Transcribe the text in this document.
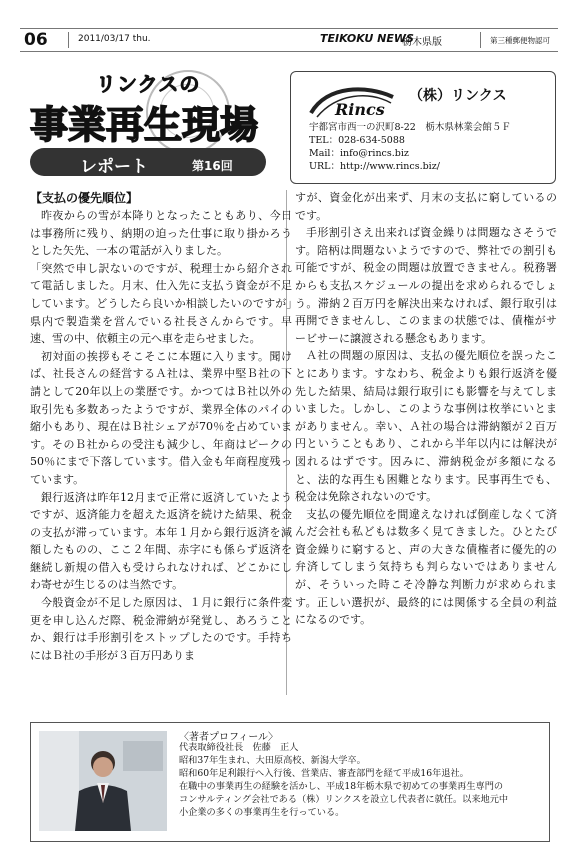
06	2011/03/17 thu.	TEIKOKU NEWS
栃木県版	第三種郵便物認可
リンクスの
事業再生現場
レポート	第16回
Rincs
（株）リンクス
宇都宮市西一の沢町8-22　栃木県林業会館５Ｆ
TEL：028-634-5088
Mail：info@rincs.biz
URL：http://www.rincs.biz/
【支払の優先順位】

昨夜からの雪が本降りとなったこともあり、今日は事務所に残り、納期の迫った仕事に取り掛かろうとした矢先、一本の電話が入りました。

「突然で申し訳ないのですが、税理士から紹介されて電話しました。月末、仕入先に支払う資金が不足しています。どうしたら良いか相談したいのですが」県内で製造業を営んでいる社長さんからです。早速、雪の中、依頼主の元へ車を走らせました。

初対面の挨拶もそこそこに本題に入ります。聞けば、社長さんの経営するＡ社は、業界中堅Ｂ社の下請として20年以上の業歴です。かつてはＢ社以外の取引先も多数あったようですが、業界全体のパイの縮小もあり、現在はＢ社シェアが70％を占めています。そのＢ社からの受注も減少し、年商はピークの50％にまで下落しています。借入金も年商程度残っています。

銀行返済は昨年12月まで正常に返済していたようですが、返済能力を超えた返済を続けた結果、税金の支払が滞っています。本年１月から銀行返済を減額したものの、ここ２年間、赤字にも係らず返済を継続し新規の借入も受けられなければ、どこかにしわ寄せが生じるのは当然です。

今般資金が不足した原因は、１月に銀行に条件変更を申し込んだ際、税金滞納が発覚し、あろうことか、銀行は手形割引をストップしたのです。手持ちにはＢ社の手形が３百万円ありま

すが、資金化が出来ず、月末の支払に窮しているのです。

手形割引さえ出来れば資金繰りは問題なさそうです。陪柄は問題ないようですので、弊社での割引も可能ですが、税金の問題は放置できません。税務署からも支払スケジュールの提出を求められるでしょう。滞納２百万円を解決出来なければ、銀行取引は再開できませんし、このままの状態では、債権がサービサーに譲渡される懸念もあります。

Ａ社の問題の原因は、支払の優先順位を誤ったことにあります。すなわち、税金よりも銀行返済を優先した結果、結局は銀行取引にも影響を与えてしまいました。しかし、このような事例は枚挙にいとまがありません。幸い、Ａ社の場合は滞納額が２百万円ということもあり、これから半年以内には解決が図れるはずです。因みに、滞納税金が多額になると、法的な再生も困難となります。民事再生でも、税金は免除されないのです。

支払の優先順位を間違えなければ倒産しなくて済んだ会社も私どもは数多く見てきました。ひとたび資金繰りに窮すると、声の大きな債権者に優先的の弁済してしまう気持ちも判らないではありませんが、そういった時こそ冷静な判断力が求められます。正しい選択が、最終的には関係する全員の利益になるのです。

〈著者プロフィール〉
代表取締役社長　佐藤　正人
昭和37年生まれ、大田原高校、新潟大学卒。
昭和60年足利銀行へ入行後、営業店、審査部門を経て平成16年退社。
在職中の事業再生の経験を活かし、平成18年栃木県で初めての事業再生専門の
コンサルティング会社である（株）リンクスを設立し代表者に就任。以来地元中
小企業の多くの事業再生を行っている。
